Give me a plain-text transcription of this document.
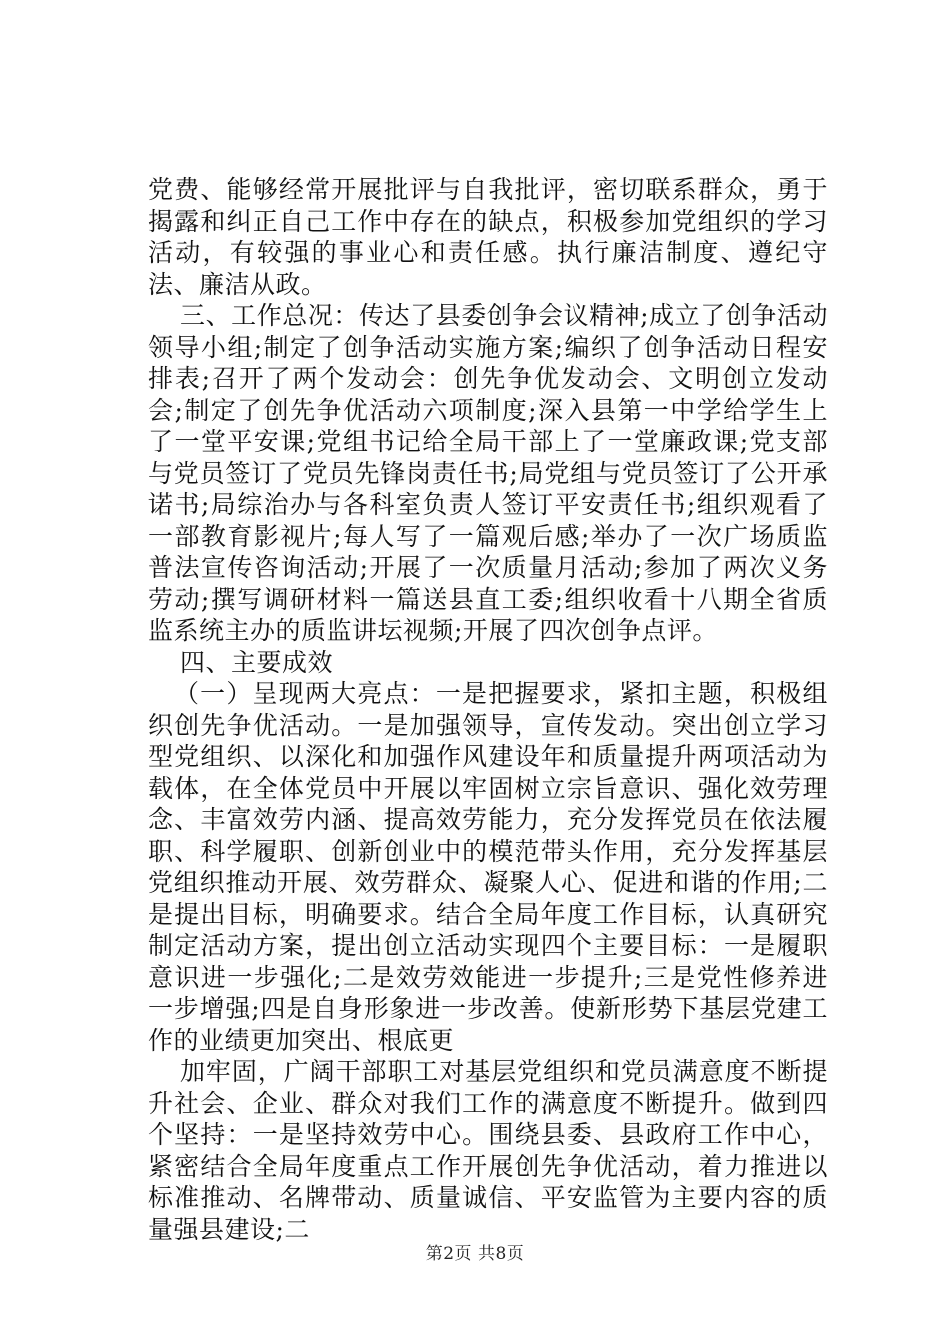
党费、能够经常开展批评与自我批评，密切联系群众，勇于揭露和纠正自己工作中存在的缺点，积极参加党组织的学习活动，有较强的事业心和责任感。执行廉洁制度、遵纪守法、廉洁从政。

三、工作总况：传达了县委创争会议精神;成立了创争活动领导小组;制定了创争活动实施方案;编织了创争活动日程安排表;召开了两个发动会：创先争优发动会、文明创立发动会;制定了创先争优活动六项制度;深入县第一中学给学生上了一堂平安课;党组书记给全局干部上了一堂廉政课;党支部与党员签订了党员先锋岗责任书;局党组与党员签订了公开承诺书;局综治办与各科室负责人签订平安责任书;组织观看了一部教育影视片;每人写了一篇观后感;举办了一次广场质监普法宣传咨询活动;开展了一次质量月活动;参加了两次义务劳动;撰写调研材料一篇送县直工委;组织收看十八期全省质监系统主办的质监讲坛视频;开展了四次创争点评。

四、主要成效

（一）呈现两大亮点：一是把握要求，紧扣主题，积极组织创先争优活动。一是加强领导，宣传发动。突出创立学习型党组织、以深化和加强作风建设年和质量提升两项活动为载体，在全体党员中开展以牢固树立宗旨意识、强化效劳理念、丰富效劳内涵、提高效劳能力，充分发挥党员在依法履职、科学履职、创新创业中的模范带头作用，充分发挥基层党组织推动开展、效劳群众、凝聚人心、促进和谐的作用;二是提出目标，明确要求。结合全局年度工作目标，认真研究制定活动方案，提出创立活动实现四个主要目标：一是履职意识进一步强化;二是效劳效能进一步提升;三是党性修养进一步增强;四是自身形象进一步改善。使新形势下基层党建工作的业绩更加突出、根底更

加牢固，广阔干部职工对基层党组织和党员满意度不断提升社会、企业、群众对我们工作的满意度不断提升。做到四个坚持：一是坚持效劳中心。围绕县委、县政府工作中心，紧密结合全局年度重点工作开展创先争优活动，着力推进以标准推动、名牌带动、质量诚信、平安监管为主要内容的质量强县建设;二

第2页 共8页
